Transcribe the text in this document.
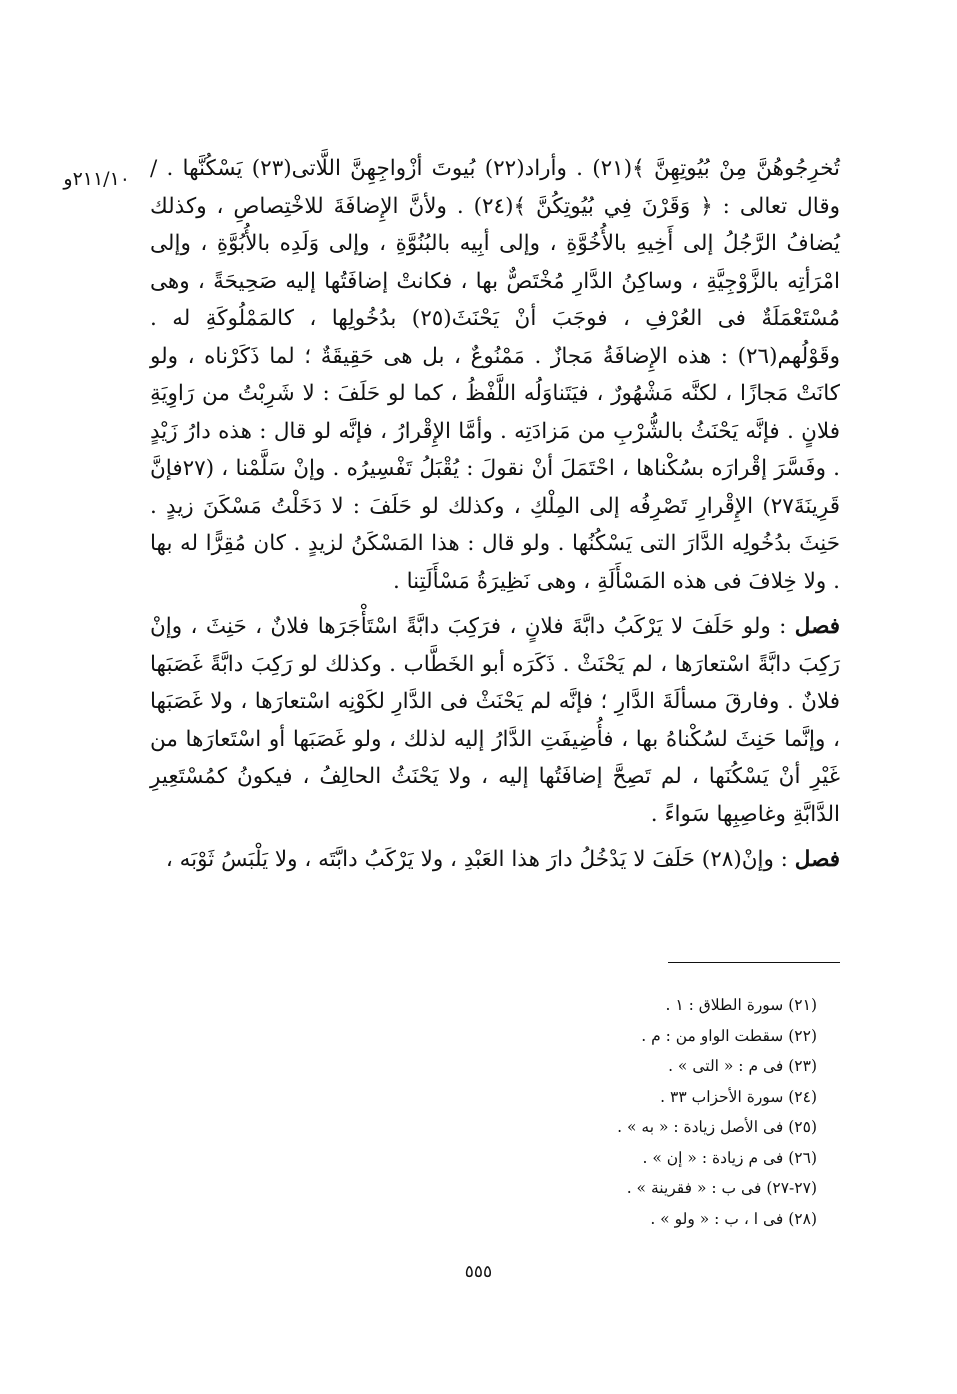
٢١١/١٠و تُخرِجُوهُنَّ مِنْ بُيُوتِهِنَّ ﴾(٢١) . وأراد(٢٢) بُيوتَ أزْواجِهِنَّ اللَّاتى(٢٣) يَسْكُنَّها . / وقال تعالى : ﴿ وَقَرْنَ فِي بُيُوتِكُنَّ ﴾(٢٤) . ولأنَّ الإِضافَةَ للاخْتِصاصِ ، وكذلك يُضافُ الرَّجُلُ إلى أَخِيهِ بالأُخُوَّةِ ، وإلى أبِيه بالبُنُوَّةِ ، وإلى وَلَدِه بالأُبُوَّةِ ، وإلى امْرَأتِه بالزَّوْجِيَّةِ ، وساكِنُ الدَّارِ مُخْتَصٌّ بها ، فكانتْ إضافَتُها إليه صَحِيحَةً ، وهى مُسْتَعْمَلَةٌ فى العُرْفِ ، فوجَبَ أنْ يَحْنَثَ(٢٥) بدُخُولِها ، كالمَمْلُوكَةِ له . وقَوْلُهم(٢٦) : هذه الإِضافَةُ مَجازٌ . مَمْنُوعٌ ، بل هى حَقِيقَةٌ ؛ لما ذَكَرْناه ، ولو كانَتْ مَجازًا ، لكنَّه مَشْهُورٌ ، فيَتَناوَلُه اللَّفْظُ ، كما لو حَلَفَ : لا شَرِبْتُ من رَاوِيَةِ فلانٍ . فإنَّه يَحْنَثُ بالشُّرْبِ من مَزادَتِه . وأمَّا الإِقْرارُ ، فإنَّه لو قال : هذه دارُ زَيْدٍ . وفَسَّرَ إقْرارَه بسُكْناها ، احْتَمَلَ أنْ نقولَ : يُقْبَلُ تَفْسِيرُه . وإنْ سَلَّمْنا ، (٢٧فإنَّ قَرِينَةَ٢٧) الإِقْرارِ تَصْرِفُه إلى المِلْكِ ، وكذلك لو حَلَفَ : لا دَخَلْتُ مَسْكَنَ زيدٍ . حَنِثَ بدُخُولِه الدَّارَ التى يَسْكُنُها . ولو قال : هذا المَسْكَنُ لزيدٍ . كان مُقِرًّا له بها . ولا خِلافَ فى هذه المَسْأَلَةِ ، وهى نَظِيرَةُ مَسْأَلَتِنا .

فصل : ولو حَلَفَ لا يَرْكَبُ دابَّةَ فلانٍ ، فرَكِبَ دابَّةً اسْتَأْجَرَها فلانٌ ، حَنِثَ ، وإنْ رَكِبَ دابَّةً اسْتعارَها ، لم يَحْنَثْ . ذَكَرَه أبو الخَطَّاب . وكذلك لو رَكِبَ دابَّةً غَصَبَها فلانٌ . وفارقَ مسألَةَ الدَّارِ ؛ فإنَّه لم يَحْنَثْ فى الدَّارِ لكَوْنِه اسْتعارَها ، ولا غَصَبَها ، وإنَّما حَنِثَ لسُكْناهُ بها ، فأُضِيفَتِ الدَّارُ إليه لذلك ، ولو غَصَبَها أو اسْتَعارَها من غَيْرِ أنْ يَسْكُنَها ، لم تَصِحَّ إضافَتُها إليه ، ولا يَحْنَثُ الحالِفُ ، فيكونُ كمُسْتَعِيرِ الدَّابَّةِ وغاصِبِها سَواءً .

فصل : وإنْ(٢٨) حَلَفَ لا يَدْخُلُ دارَ هذا العَبْدِ ، ولا يَرْكَبُ دابَّتَه ، ولا يَلْبَسُ ثَوْبَه ،

(٢١) سورة الطلاق : ١ .
(٢٢) سقطت الواو من : م .
(٢٣) فى م : « التى » .
(٢٤) سورة الأحزاب ٣٣ .
(٢٥) فى الأصل زيادة : « به » .
(٢٦) فى م زيادة : « إن » .
(٢٧-٢٧) فى ب : « فقرينة » .
(٢٨) فى ا ، ب : « ولو » .
٥٥٥
